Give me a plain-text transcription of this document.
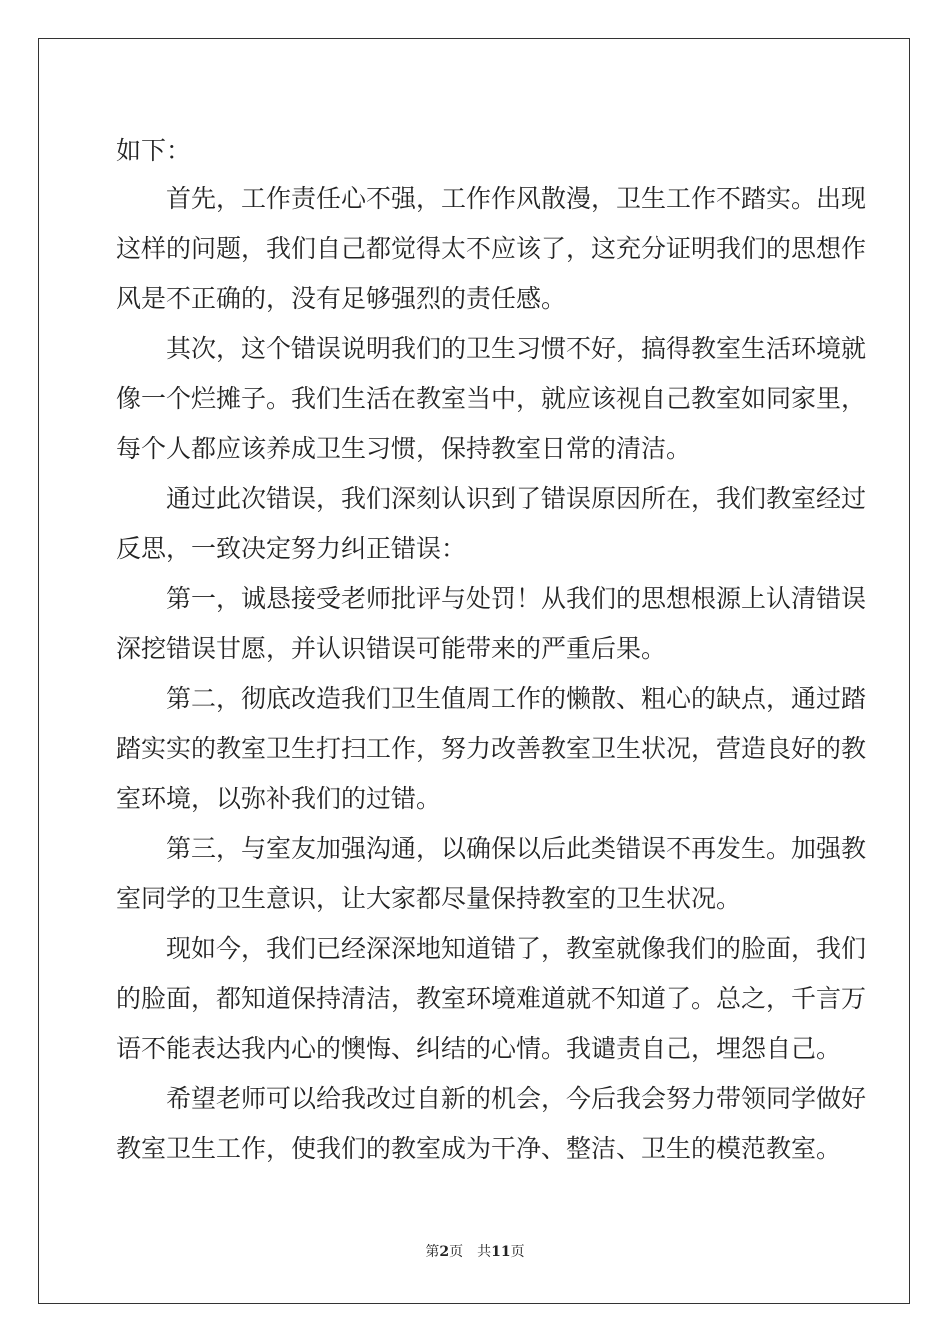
如下：
首先，工作责任心不强，工作作风散漫，卫生工作不踏实。出现
这样的问题，我们自己都觉得太不应该了，这充分证明我们的思想作
风是不正确的，没有足够强烈的责任感。
其次，这个错误说明我们的卫生习惯不好，搞得教室生活环境就
像一个烂摊子。我们生活在教室当中，就应该视自己教室如同家里，
每个人都应该养成卫生习惯，保持教室日常的清洁。
通过此次错误，我们深刻认识到了错误原因所在，我们教室经过
反思，一致决定努力纠正错误：
第一，诚恳接受老师批评与处罚！从我们的思想根源上认清错误
深挖错误甘愿，并认识错误可能带来的严重后果。
第二，彻底改造我们卫生值周工作的懒散、粗心的缺点，通过踏
踏实实的教室卫生打扫工作，努力改善教室卫生状况，营造良好的教
室环境，以弥补我们的过错。
第三，与室友加强沟通，以确保以后此类错误不再发生。加强教
室同学的卫生意识，让大家都尽量保持教室的卫生状况。
现如今，我们已经深深地知道错了，教室就像我们的脸面，我们
的脸面，都知道保持清洁，教室环境难道就不知道了。总之，千言万
语不能表达我内心的懊悔、纠结的心情。我谴责自己，埋怨自己。
希望老师可以给我改过自新的机会，今后我会努力带领同学做好
教室卫生工作，使我们的教室成为干净、整洁、卫生的模范教室。
第2页 共11页
